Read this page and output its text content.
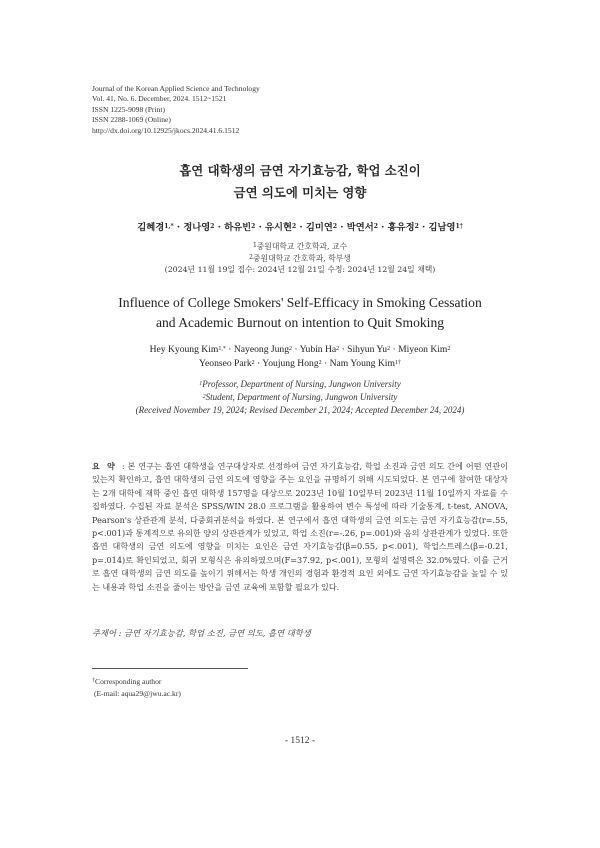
Journal of the Korean Applied Science and Technology
Vol. 41, No. 6. December, 2024. 1512~1521
ISSN 1225-9098 (Print)
ISSN 2288-1069 (Online)
http://dx.doi.org/10.12925/jkocs.2024.41.6.1512
흡연 대학생의 금연 자기효능감, 학업 소진이
금연 의도에 미치는 영향
김혜경$^{1,*}$ · 정나영$^2$ · 하유빈$^2$ · 유시현$^2$ · 김미연$^2$ · 박연서$^2$ · 홍유정$^2$ · 김남영$^{1\dagger}$
$^1$중원대학교 간호학과, 교수
$^2$중원대학교 간호학과, 학부생
(2024년 11월 19일 접수: 2024년 12월 21일 수정: 2024년 12월 24일 채택)
Influence of College Smokers' Self-Efficacy in Smoking Cessation
and Academic Burnout on intention to Quit Smoking
Hey Kyoung Kim$^{1,*}$ · Nayeong Jung$^2$ · Yubin $Ha^2$ · Sihyun $Yu^2$ · Miyeon Kim$^2$
Yeonseo Park$^2$ · Youjung Hong$^2$ · Nam Young Kim$^{1\dagger}$
$^1$Professor, Department of Nursing, Jungwon University
$^2$Student, Department of Nursing, Jungwon University
(Received November 19, 2024; Revised December 21, 2024; Accepted December 24, 2024)
요 약 : 본 연구는 흡연 대학생을 연구대상자로 선정하여 금연 자기효능감, 학업 소진과 금연 의도 간에 어떤 연관이 있는지 확인하고, 흡연 대학생의 금연 의도에 영향을 주는 요인을 규명하기 위해 시도되었다. 본 연구에 참여한 대상자는 2개 대학에 재학 중인 흡연 대학생 157명을 대상으로 2023년 10월 10일부터 2023년 11월 10일까지 자료를 수집하였다. 수집된 자료 분석은 SPSS/WIN 28.0 프로그램을 활용하여 변수 특성에 따라 기술통계, t-test, ANOVA, Pearson's 상관관계 분석, 다중회귀분석을 하였다. 본 연구에서 흡연 대학생의 금연 의도는 금연 자기효능감(r=.55, p<.001)과 통계적으로 유의한 양의 상관관계가 있었고, 학업 소진(r=-.26, p=.001)와 음의 상관관계가 있었다. 또한 흡연 대학생의 금연 의도에 영향을 미치는 요인은 금연 자기효능감(β=0.55, p<.001), 학업스트레스(β=-0.21, p=.014)로 확인되었고, 회귀 모형식은 유의하였으며(F=37.92, p<.001), 모형의 설명력은 32.0%였다. 이를 근거로 흡연 대학생의 금연 의도를 높이기 위해서는 학생 개인의 경험과 환경적 요인 외에도 금연 자기효능감을 높일 수 있는 내용과 학업 소진을 줄이는 방안을 금연 교육에 포함할 필요가 있다.
주제어 : 금연 자기효능감, 학업 소진, 금연 의도, 흡연 대학생
†Corresponding author
(E-mail: aqua29@jwu.ac.kr)
- 1512 -
